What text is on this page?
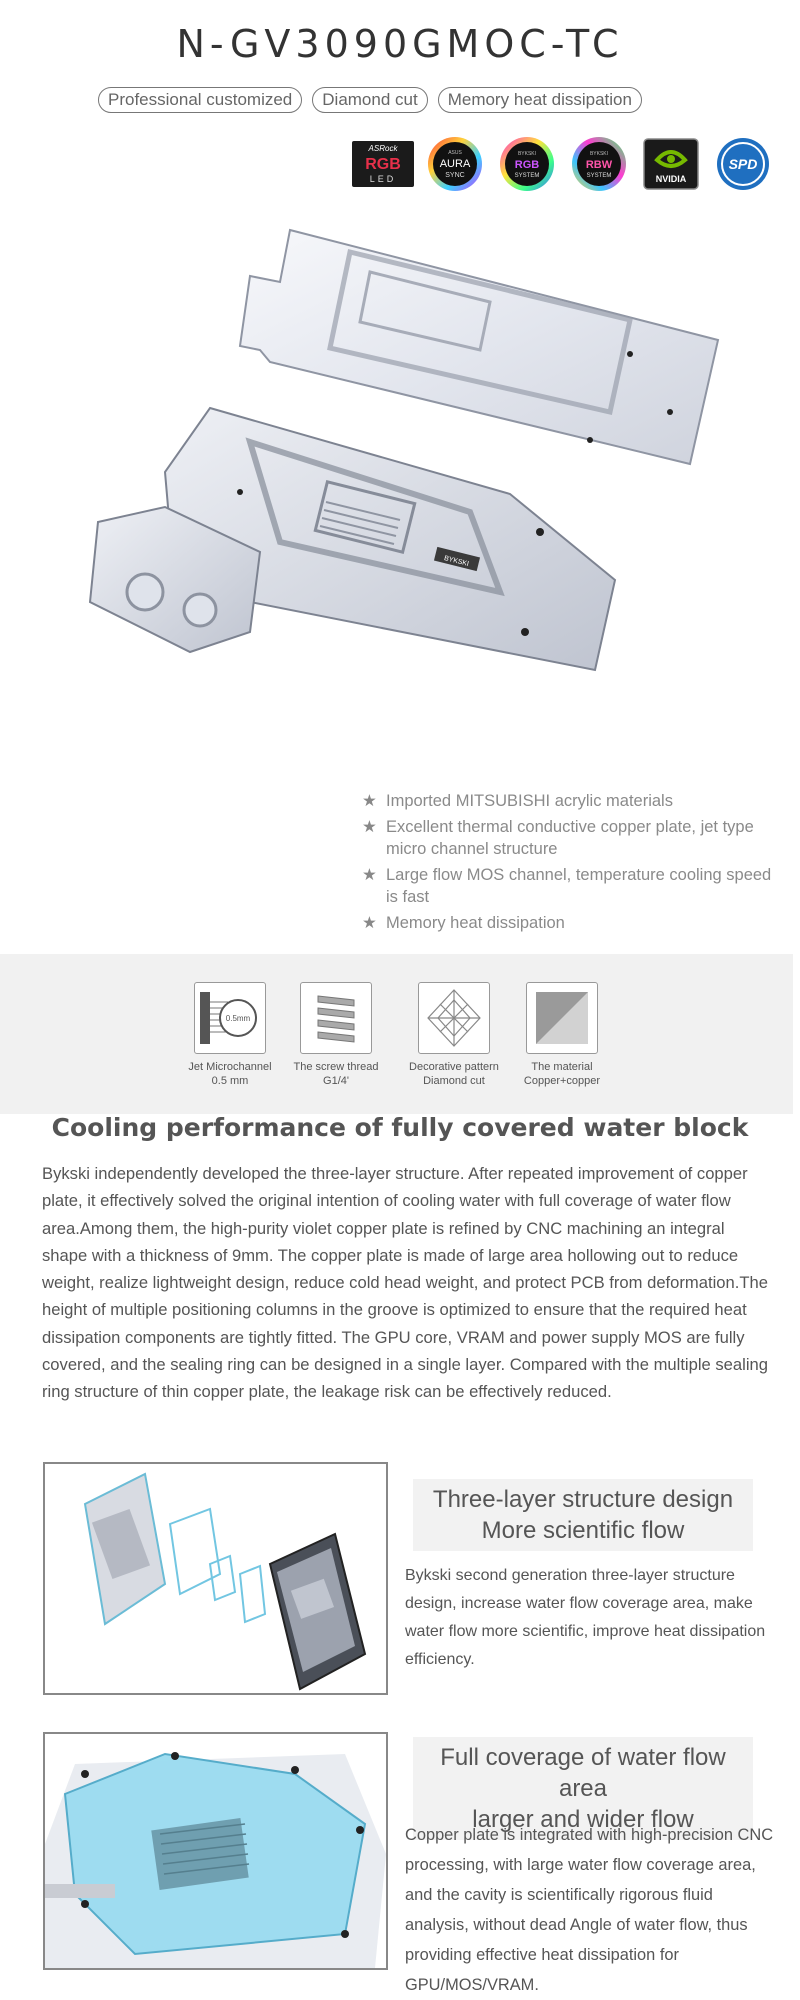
N-GV3090GMOC-TC
Professional customized	Diamond cut	Memory heat dissipation
ASRock
RGB
LED
ASUS
AURA
SYNC
BYKSKI
RGB
SYSTEM
BYKSKI
RBW
SYSTEM	NVIDIA
SPD
BYKSKI
★ Imported MITSUBISHI acrylic materials
★ Excellent thermal conductive copper plate, jet type micro channel structure
★ Large flow MOS channel, temperature cooling speed is fast
★ Memory heat dissipation
0.5mm
Jet Microchannel
0.5 mm
The screw thread
G1/4'
Decorative pattern
Diamond cut
The material
Copper+copper
Cooling performance of fully covered water block

Bykski independently developed the three-layer structure. After repeated improvement of copper plate, it effectively solved the original intention of cooling water with full coverage of water flow area.Among them, the high-purity violet copper plate is refined by CNC machining an integral shape with a thickness of 9mm. The copper plate is made of large area hollowing out to reduce weight, realize lightweight design, reduce cold head weight, and protect PCB from deformation.The height of multiple positioning columns in the groove is optimized to ensure that the required heat dissipation components are tightly fitted. The GPU core, VRAM and power supply MOS are fully covered, and the sealing ring can be designed in a single layer. Compared with the multiple sealing ring structure of thin copper plate, the leakage risk can be effectively reduced.

Three-layer structure design
More scientific flow

Bykski second generation three-layer structure design, increase water flow coverage area, make water flow more scientific, improve heat dissipation efficiency.

Full coverage of water flow area
larger and wider flow

Copper plate is integrated with high-precision CNC processing, with large water flow coverage area, and the cavity is scientifically rigorous fluid analysis, without dead Angle of water flow, thus providing effective heat dissipation for GPU/MOS/VRAM.
